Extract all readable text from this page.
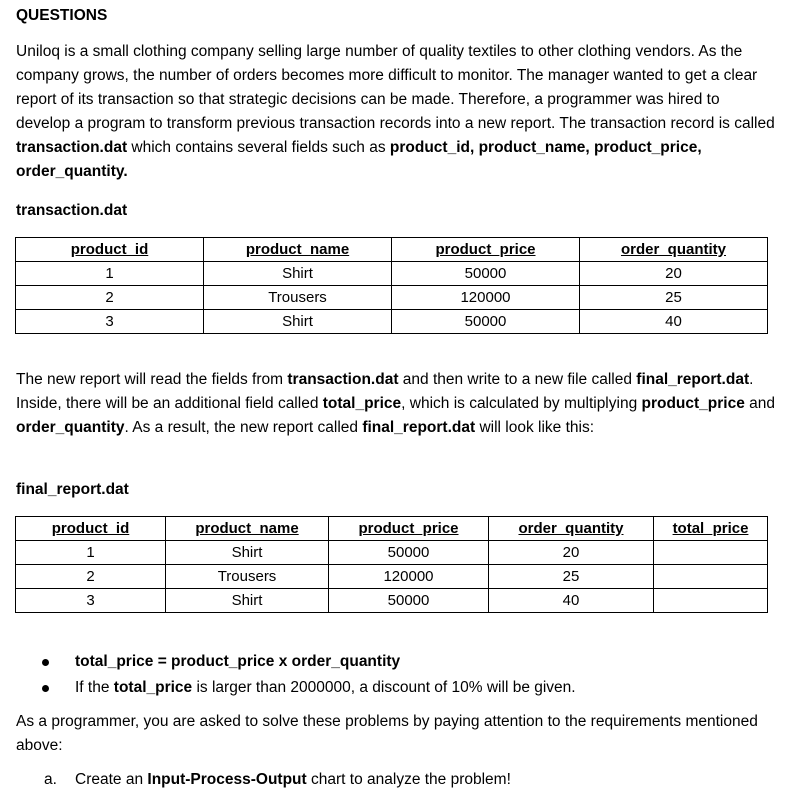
QUESTIONS
Uniloq is a small clothing company selling large number of quality textiles to other clothing vendors. As the company grows, the number of orders becomes more difficult to monitor. The manager wanted to get a clear report of its transaction so that strategic decisions can be made. Therefore, a programmer was hired to develop a program to transform previous transaction records into a new report. The transaction record is called transaction.dat which contains several fields such as product_id, product_name, product_price, order_quantity.
transaction.dat
product_id	product_name	product_price	order_quantity
1	Shirt	50000	20
2	Trousers	120000	25
3	Shirt	50000	40
The new report will read the fields from transaction.dat and then write to a new file called final_report.dat. Inside, there will be an additional field called total_price, which is calculated by multiplying product_price and order_quantity. As a result, the new report called final_report.dat will look like this:
final_report.dat
product_id	product_name	product_price	order_quantity	total_price
1	Shirt	50000	20	
2	Trousers	120000	25	
3	Shirt	50000	40	
total_price = product_price x order_quantity
If the total_price is larger than 2000000, a discount of 10% will be given.
As a programmer, you are asked to solve these problems by paying attention to the requirements mentioned above:
a. Create an Input-Process-Output chart to analyze the problem!
